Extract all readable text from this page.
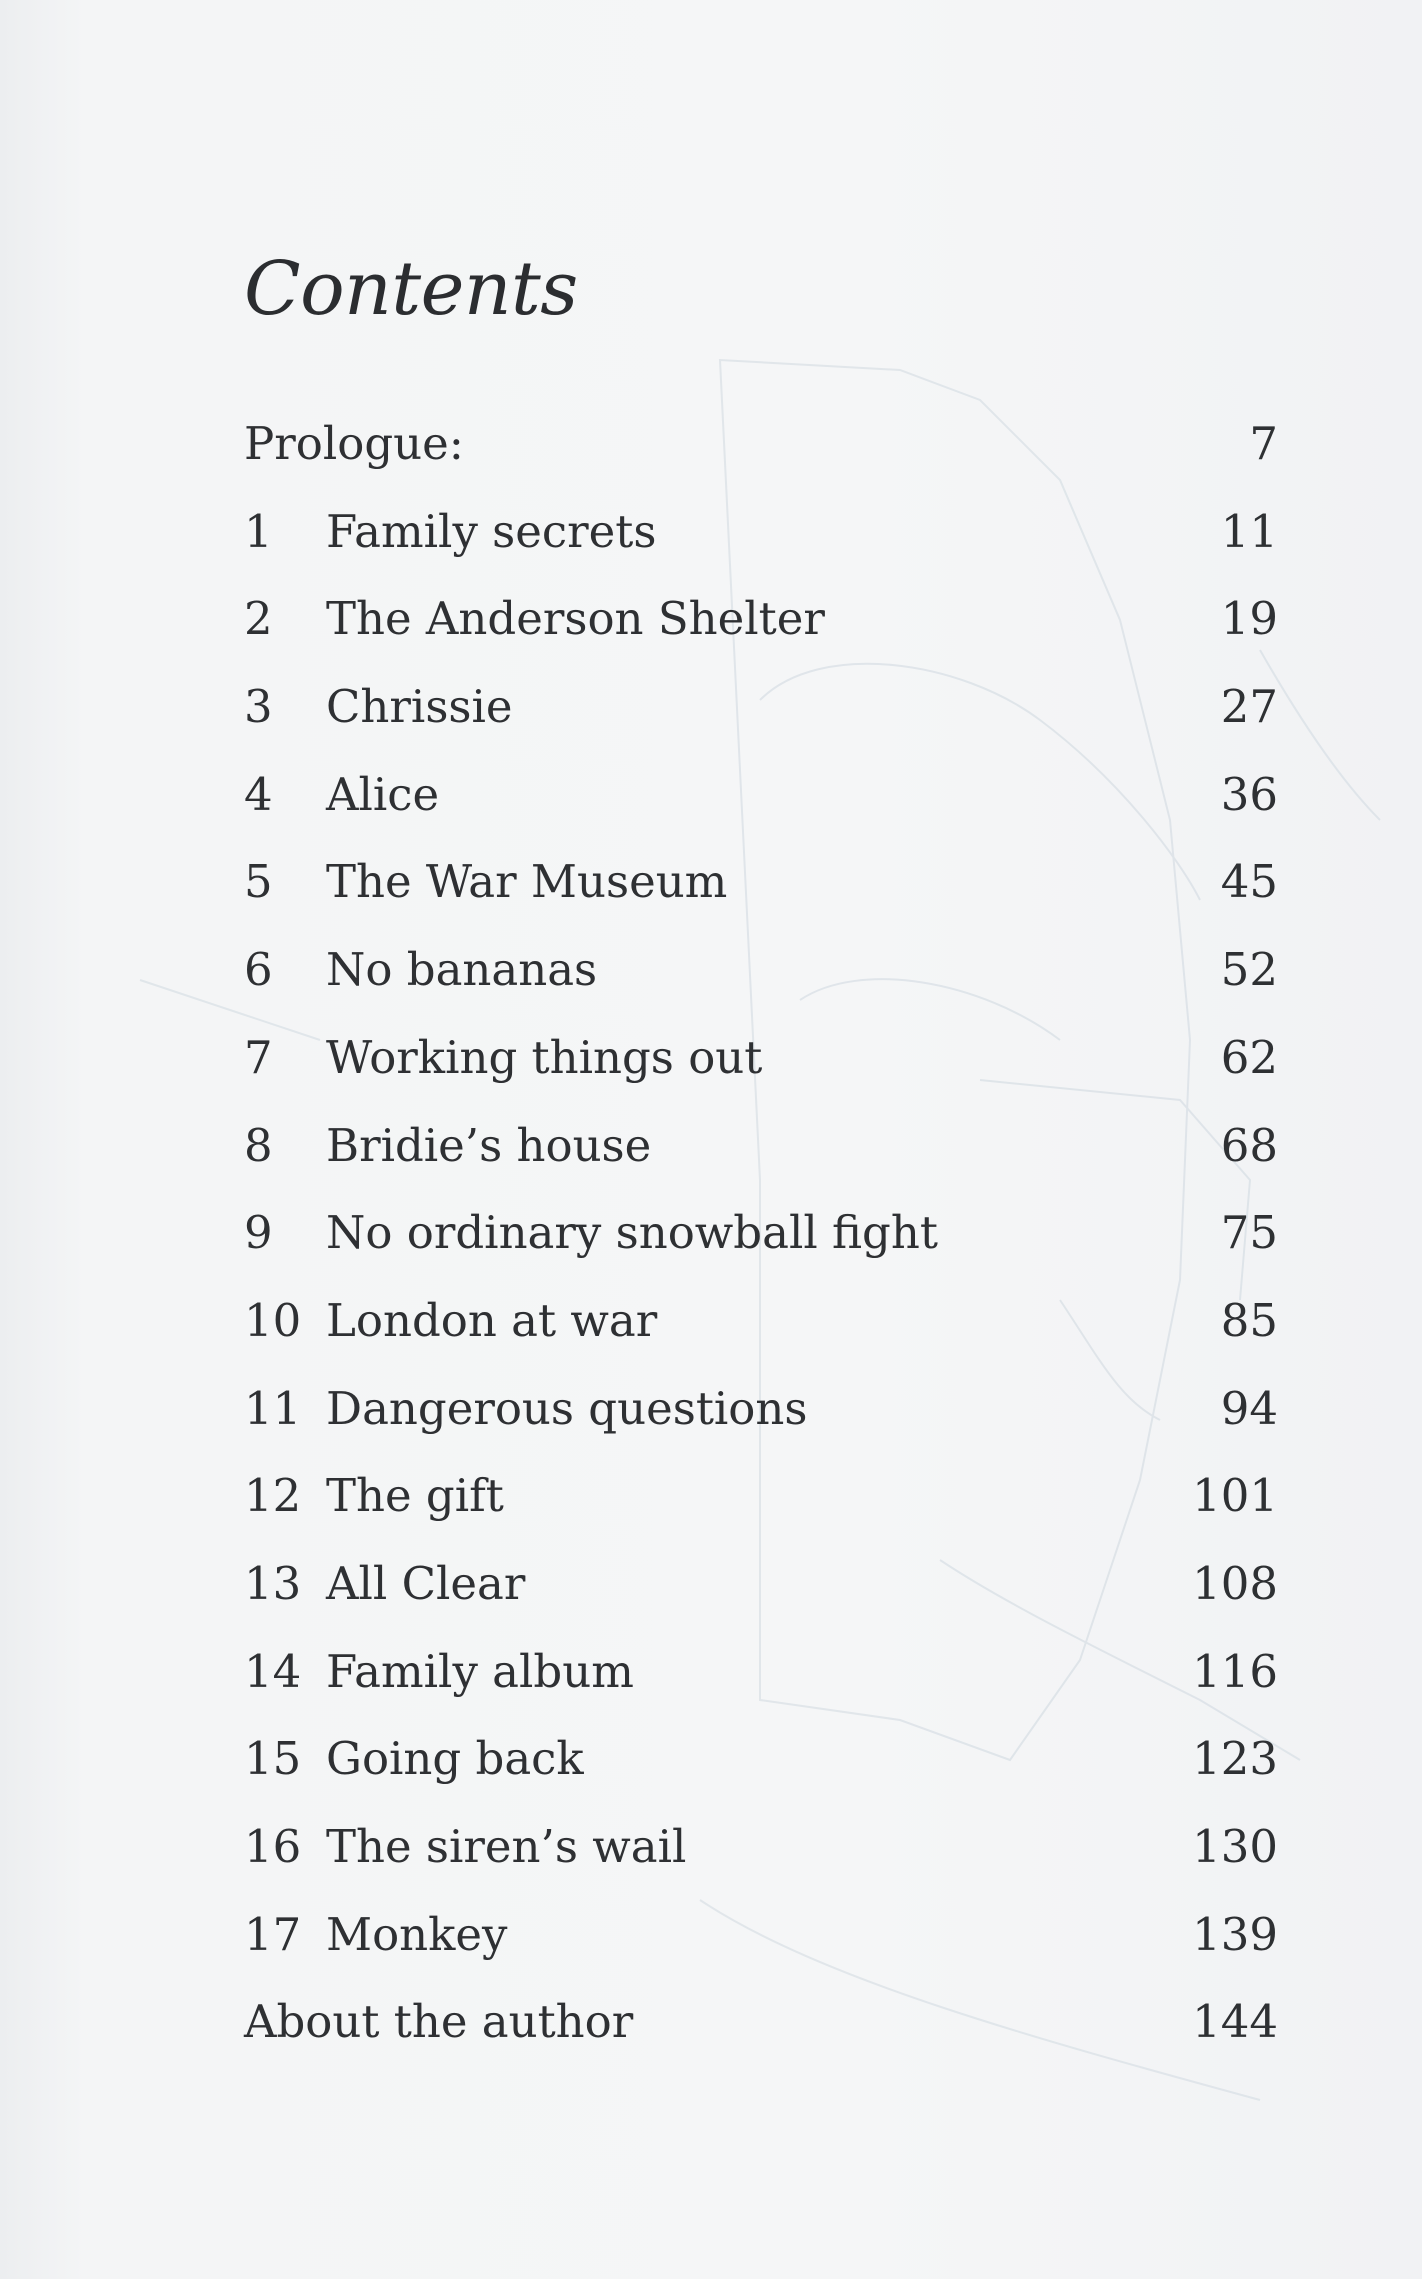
Contents
Prologue:	7
1 Family secrets	11
2 The Anderson Shelter	19
3 Chrissie	27
4 Alice	36
5 The War Museum	45
6 No bananas	52
7 Working things out	62
8 Bridie’s house	68
9 No ordinary snowball fight	75
10 London at war	85
11 Dangerous questions	94
12 The gift	101
13 All Clear	108
14 Family album	116
15 Going back	123
16 The siren’s wail	130
17 Monkey	139
About the author	144
